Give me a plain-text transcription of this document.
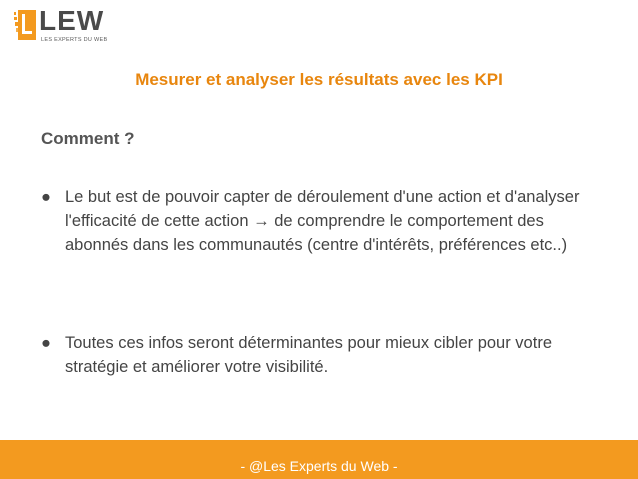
LEW
LES EXPERTS DU WEB
Mesurer et analyser les résultats avec les KPI
Comment ?
● Le but est de pouvoir capter de déroulement d'une action et d'analyser l'efficacité de cette action → de comprendre le comportement des abonnés dans les communautés (centre d'intérêts, préférences etc..)
● Toutes ces infos seront déterminantes pour mieux cibler pour votre stratégie et améliorer votre visibilité.
- @Les Experts du Web -
